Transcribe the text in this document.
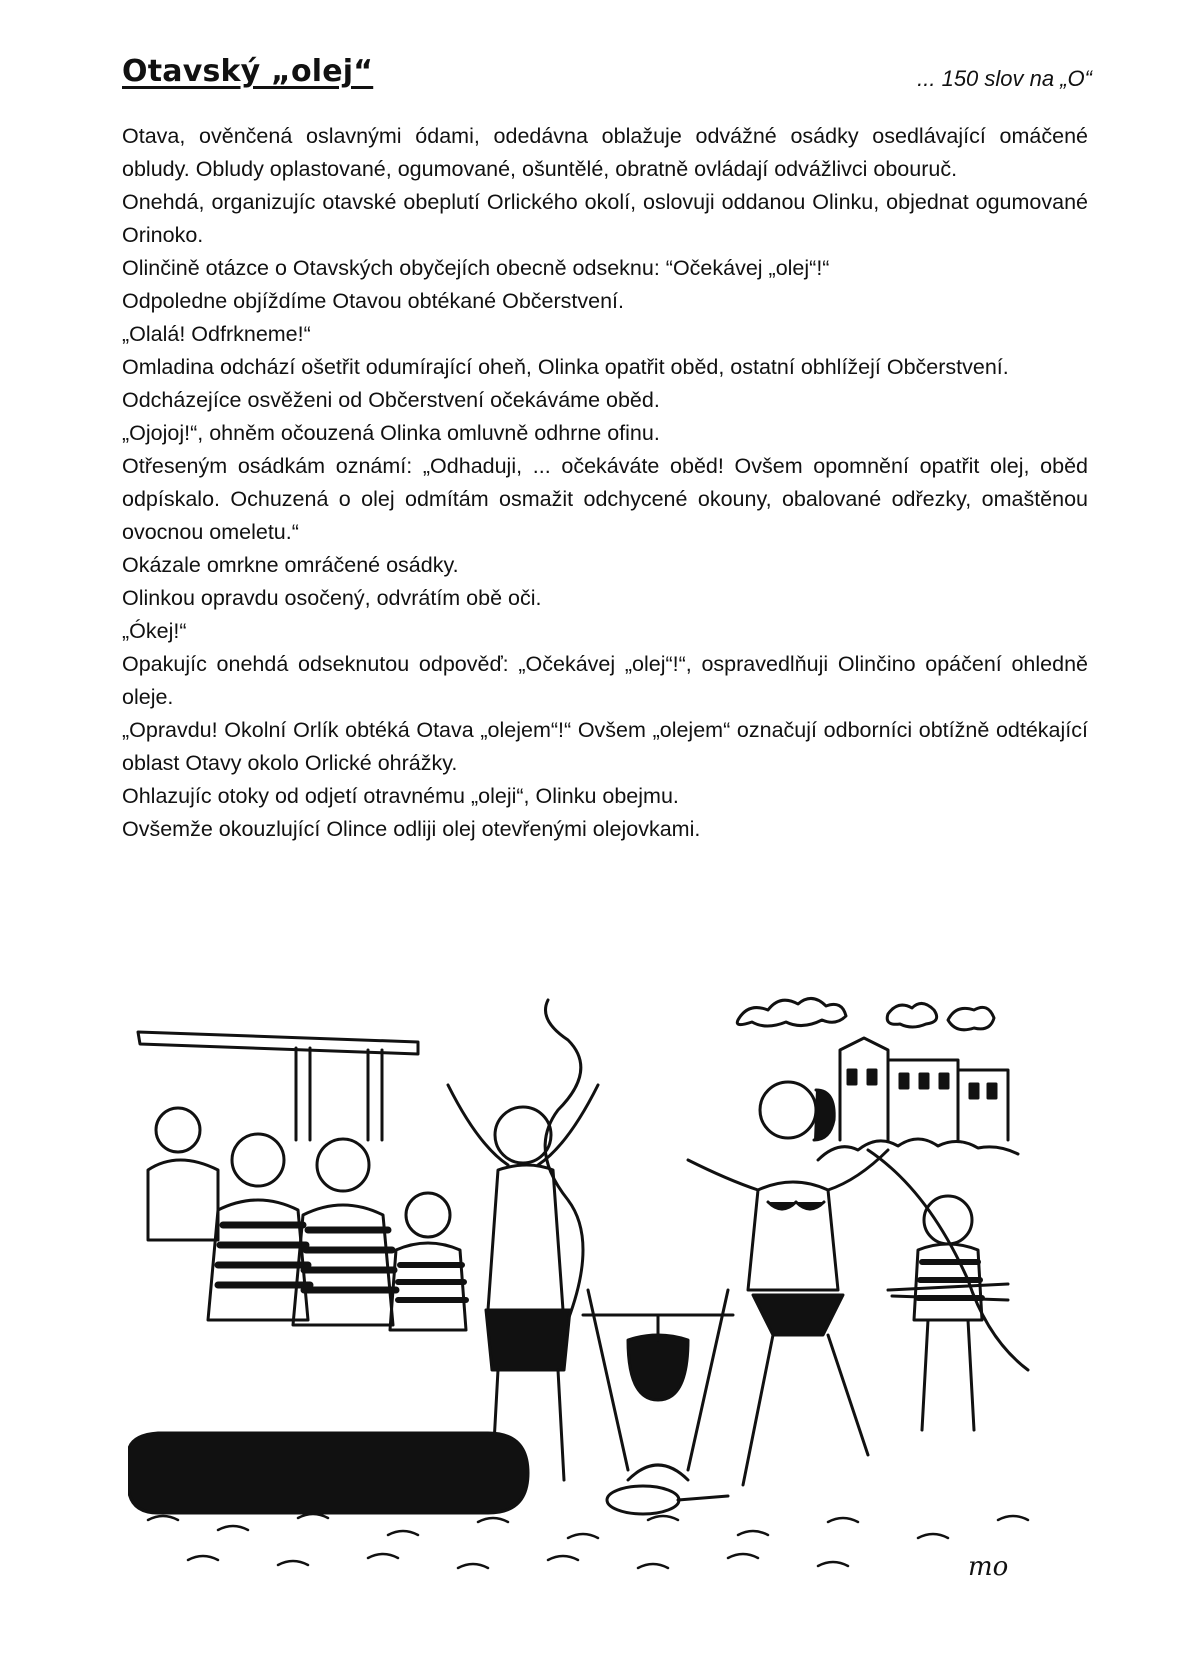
Otavský „olej“	... 150 slov na „O“

Otava, ověnčená oslavnými ódami, odedávna oblažuje odvážné osádky osedlávající omáčené obludy. Obludy oplastované, ogumované, ošuntělé, obratně ovládají odvážlivci obouruč.

Onehdá, organizujíc otavské obeplutí Orlického okolí, oslovuji oddanou Olinku, objednat ogumované Orinoko.

Olinčině otázce o Otavských obyčejích obecně odseknu: “Očekávej „olej“!“

Odpoledne objíždíme Otavou obtékané Občerstvení.

„Olalá! Odfrkneme!“

Omladina odchází ošetřit odumírající oheň, Olinka opatřit oběd, ostatní obhlížejí Občerstvení.

Odcházejíce osvěženi od Občerstvení očekáváme oběd.

„Ojojoj!“, ohněm očouzená Olinka omluvně odhrne ofinu.

Otřeseným osádkám oznámí: „Odhaduji, ... očekáváte oběd! Ovšem opomnění opatřit olej, oběd odpískalo. Ochuzená o olej odmítám osmažit odchycené okouny, obalované odřezky, omaštěnou ovocnou omeletu.“

Okázale omrkne omráčené osádky.

Olinkou opravdu osočený, odvrátím obě oči.

„Ókej!“

Opakujíc onehdá odseknutou odpověď: „Očekávej „olej“!“, ospravedlňuji Olinčino opáčení ohledně oleje.

„Opravdu! Okolní Orlík obtéká Otava „olejem“!“ Ovšem „olejem“ označují odborníci obtížně odtékající oblast Otavy okolo Orlické ohrážky.

Ohlazujíc otoky od odjetí otravnému „oleji“, Olinku obejmu.

Ovšemže okouzlující Olince odliji olej otevřenými olejovkami.

mo
